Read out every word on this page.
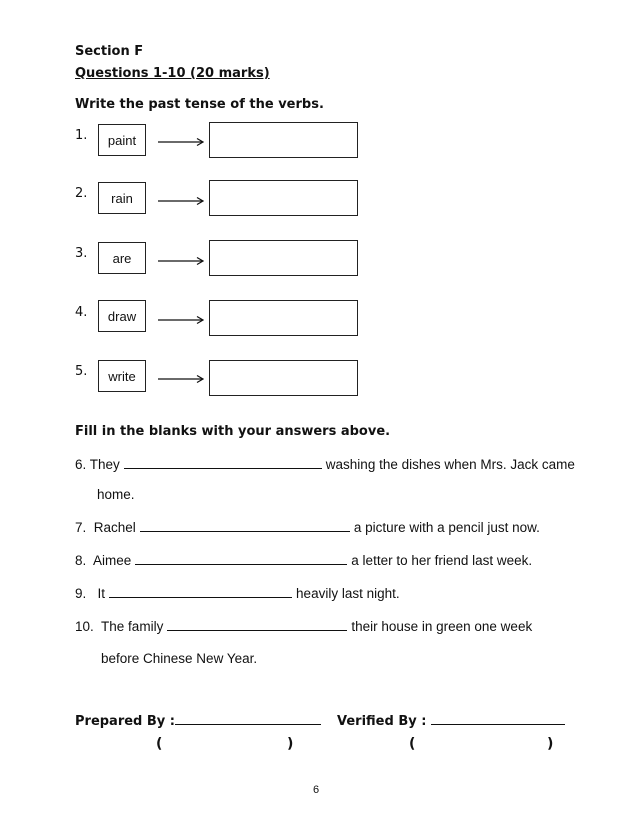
Section F
Questions 1-10 (20 marks)
Write the past tense of the verbs.
1.	paint
2.	rain
3.	are
4.	draw
5.	write
Fill in the blanks with your answers above.
6. They	washing the dishes when Mrs. Jack came
home.
7. Rachel	a picture with a pencil just now.
8. Aimee	a letter to her friend last week.
9. It	heavily last night.
10. The family	their house in green one week
before Chinese New Year.
Prepared By :	Verified By :
(	)	(	)
6
